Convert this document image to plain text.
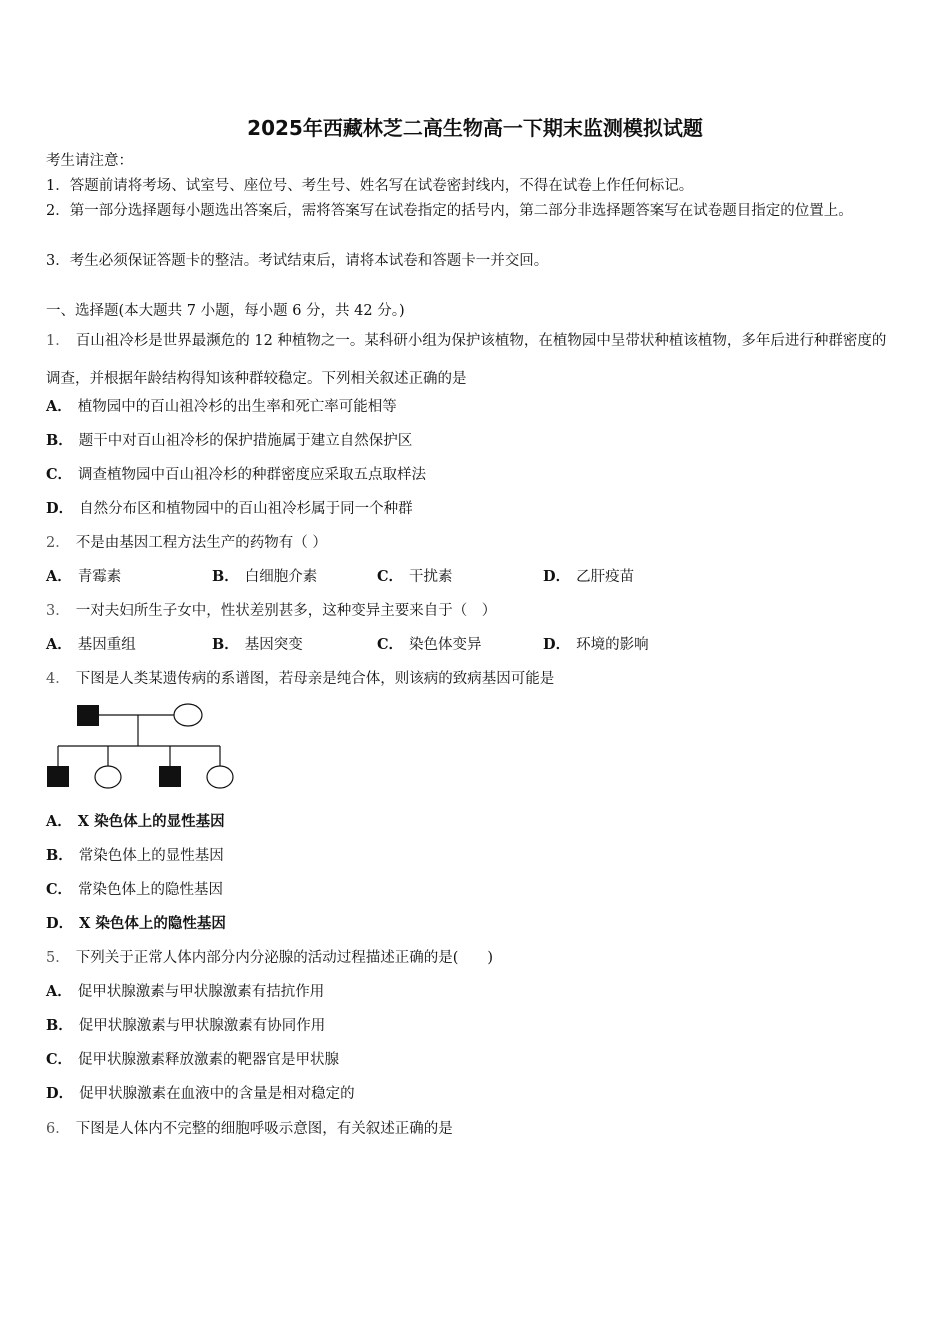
2025年西藏林芝二高生物高一下期末监测模拟试题
考生请注意：
1．答题前请将考场、试室号、座位号、考生号、姓名写在试卷密封线内，不得在试卷上作任何标记。
2．第一部分选择题每小题选出答案后，需将答案写在试卷指定的括号内，第二部分非选择题答案写在试卷题目指定的位置上。
3．考生必须保证答题卡的整洁。考试结束后，请将本试卷和答题卡一并交回。
一、选择题(本大题共 7 小题，每小题 6 分，共 42 分。)
1． 百山祖冷杉是世界最濒危的 12 种植物之一。某科研小组为保护该植物，在植物园中呈带状种植该植物，多年后进行种群密度的调查，并根据年龄结构得知该种群较稳定。下列相关叙述正确的是
A． 植物园中的百山祖冷杉的出生率和死亡率可能相等
B． 题干中对百山祖冷杉的保护措施属于建立自然保护区
C． 调查植物园中百山祖冷杉的种群密度应采取五点取样法
D． 自然分布区和植物园中的百山祖冷杉属于同一个种群
2． 不是由基因工程方法生产的药物有（ ）
A． 青霉素	B． 白细胞介素	C． 干扰素	D． 乙肝疫苗
3． 一对夫妇所生子女中，性状差别甚多，这种变异主要来自于（　）
A． 基因重组	B． 基因突变	C． 染色体变异	D． 环境的影响
4． 下图是人类某遗传病的系谱图，若母亲是纯合体，则该病的致病基因可能是
A． X 染色体上的显性基因
B． 常染色体上的显性基因
C． 常染色体上的隐性基因
D． X 染色体上的隐性基因
5． 下列关于正常人体内部分内分泌腺的活动过程描述正确的是(　　)
A． 促甲状腺激素与甲状腺激素有拮抗作用
B． 促甲状腺激素与甲状腺激素有协同作用
C． 促甲状腺激素释放激素的靶器官是甲状腺
D． 促甲状腺激素在血液中的含量是相对稳定的
6． 下图是人体内不完整的细胞呼吸示意图，有关叙述正确的是
